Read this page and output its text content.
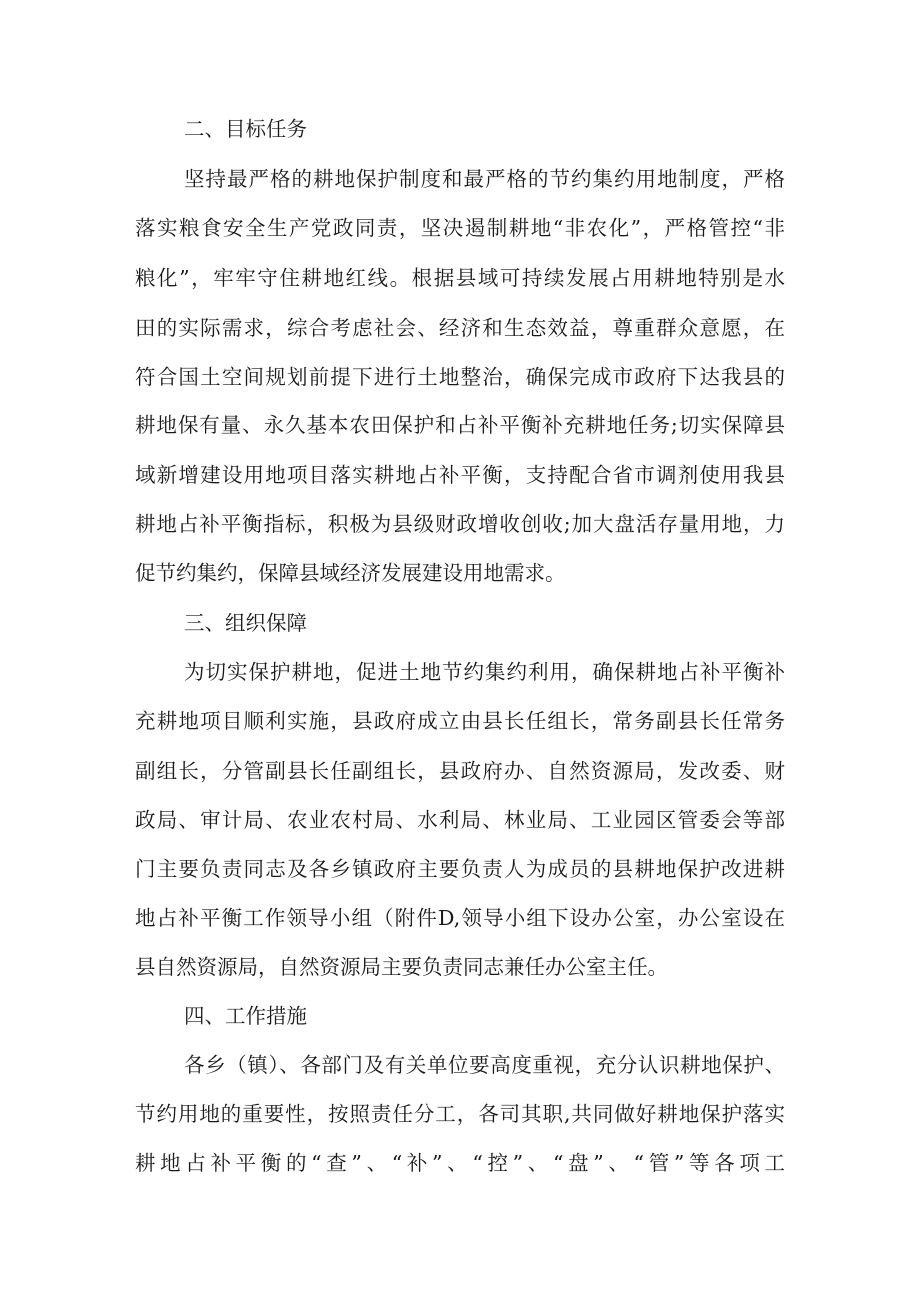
二、目标任务
坚持最严格的耕地保护制度和最严格的节约集约用地制度，严格
落实粮食安全生产党政同责，坚决遏制耕地“非农化”，严格管控“非
粮化”，牢牢守住耕地红线。根据县域可持续发展占用耕地特别是水
田的实际需求，综合考虑社会、经济和生态效益，尊重群众意愿，在
符合国土空间规划前提下进行土地整治，确保完成市政府下达我县的
耕地保有量、永久基本农田保护和占补平衡补充耕地任务;切实保障县
域新增建设用地项目落实耕地占补平衡，支持配合省市调剂使用我县
耕地占补平衡指标，积极为县级财政增收创收;加大盘活存量用地，力
促节约集约，保障县域经济发展建设用地需求。
三、组织保障
为切实保护耕地，促进土地节约集约利用，确保耕地占补平衡补
充耕地项目顺利实施，县政府成立由县长任组长，常务副县长任常务
副组长，分管副县长任副组长，县政府办、自然资源局，发改委、财
政局、审计局、农业农村局、水利局、林业局、工业园区管委会等部
门主要负责同志及各乡镇政府主要负责人为成员的县耕地保护改进耕
地占补平衡工作领导小组（附件D,领导小组下设办公室，办公室设在
县自然资源局，自然资源局主要负责同志兼任办公室主任。
四、工作措施
各乡（镇）、各部门及有关单位要高度重视，充分认识耕地保护、
节约用地的重要性，按照责任分工，各司其职,共同做好耕地保护落实
耕地占补平衡的“查”、“补”、“控”、“盘”、“管”等各项工
